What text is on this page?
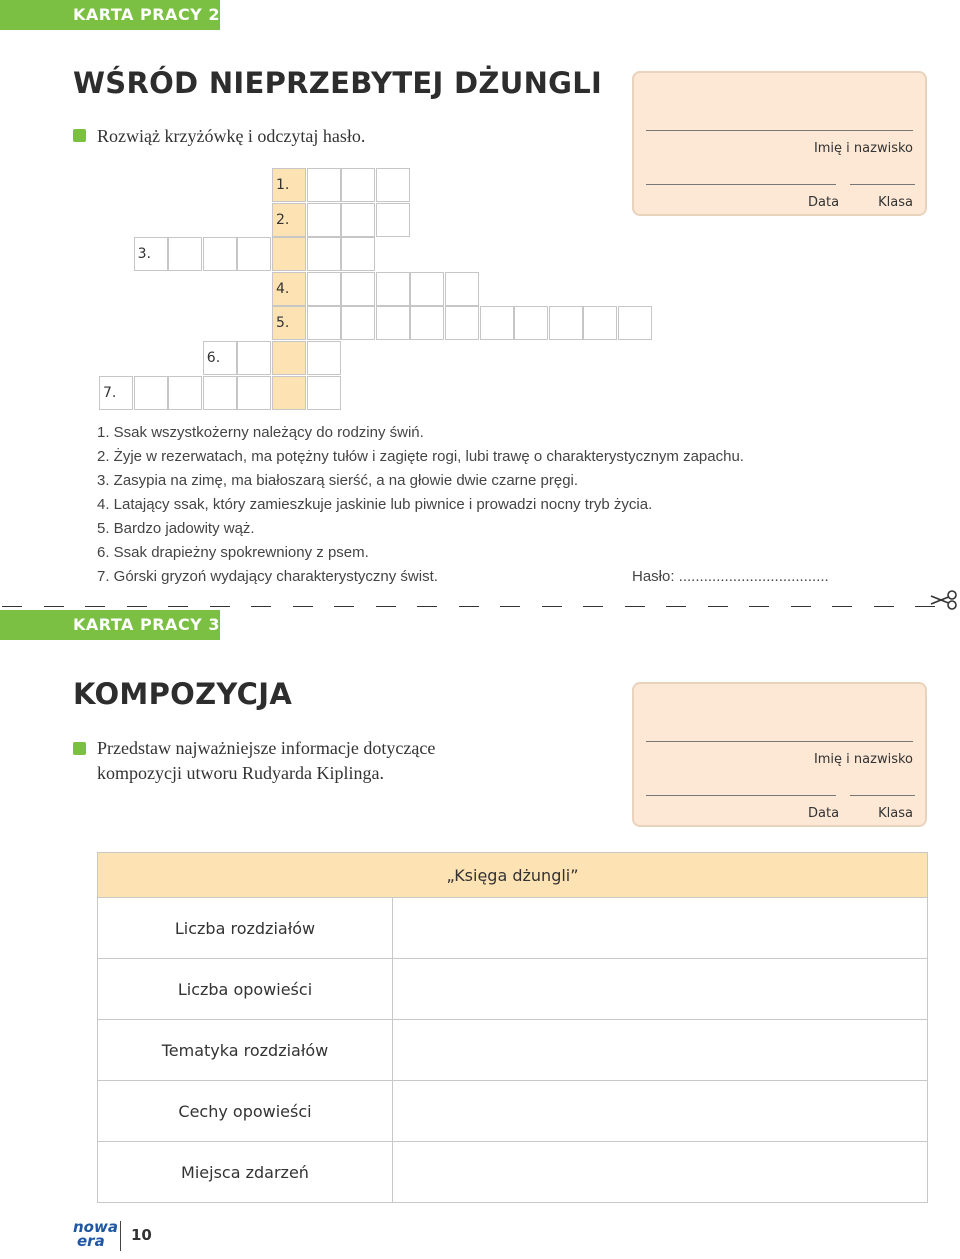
KARTA PRACY 2
WŚRÓD NIEPRZEBYTEJ DŻUNGLI
Rozwiąż krzyżówkę i odczytaj hasło.
Imię i nazwisko
Data	Klasa
1.
2.
3.
4.
5.
6.
7.
1. Ssak wszystkożerny należący do rodziny świń.
2. Żyje w rezerwatach, ma potężny tułów i zagięte rogi, lubi trawę o charakterystycznym zapachu.
3. Zasypia na zimę, ma białoszarą sierść, a na głowie dwie czarne pręgi.
4. Latający ssak, który zamieszkuje jaskinie lub piwnice i prowadzi nocny tryb życia.
5. Bardzo jadowity wąż.
6. Ssak drapieżny spokrewniony z psem.
7. Górski gryzoń wydający charakterystyczny świst.	Hasło: ....................................
KARTA PRACY 3
KOMPOZYCJA
Przedstaw najważniejsze informacje dotyczące
kompozycji utworu Rudyarda Kiplinga.
Imię i nazwisko
Data	Klasa
„Księga dżungli”	
Liczba rozdziałów	
Liczba opowieści	
Tematyka rozdziałów	
Cechy opowieści	
Miejsca zdarzeń	
nowa
era	10
